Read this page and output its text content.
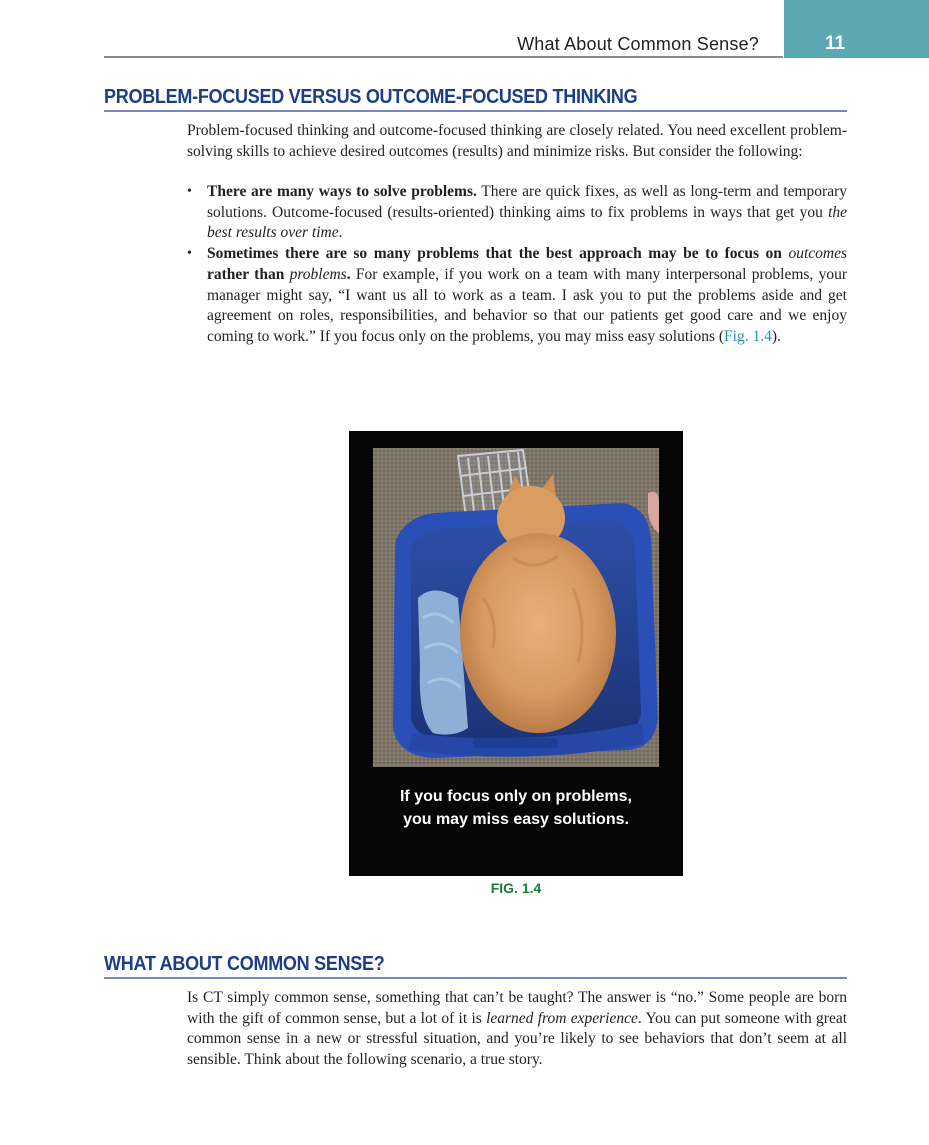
What About Common Sense?	11
PROBLEM-FOCUSED VERSUS OUTCOME-FOCUSED THINKING

Problem-focused thinking and outcome-focused thinking are closely related. You need excellent problem-solving skills to achieve desired outcomes (results) and minimize risks. But consider the following:

• There are many ways to solve problems. There are quick fixes, as well as long-term and temporary solutions. Outcome-focused (results-oriented) thinking aims to fix problems in ways that get you the best results over time.
• Sometimes there are so many problems that the best approach may be to focus on outcomes rather than problems. For example, if you work on a team with many interpersonal problems, your manager might say, “I want us all to work as a team. I ask you to put the problems aside and get agreement on roles, responsibilities, and behavior so that our patients get good care and we enjoy coming to work.” If you focus only on the problems, you may miss easy solutions (Fig. 1.4).
If you focus only on problems,
you may miss easy solutions.
FIG. 1.4
WHAT ABOUT COMMON SENSE?

Is CT simply common sense, something that can’t be taught? The answer is “no.” Some people are born with the gift of common sense, but a lot of it is learned from experience. You can put someone with great common sense in a new or stressful situation, and you’re likely to see behaviors that don’t seem at all sensible. Think about the following scenario, a true story.
